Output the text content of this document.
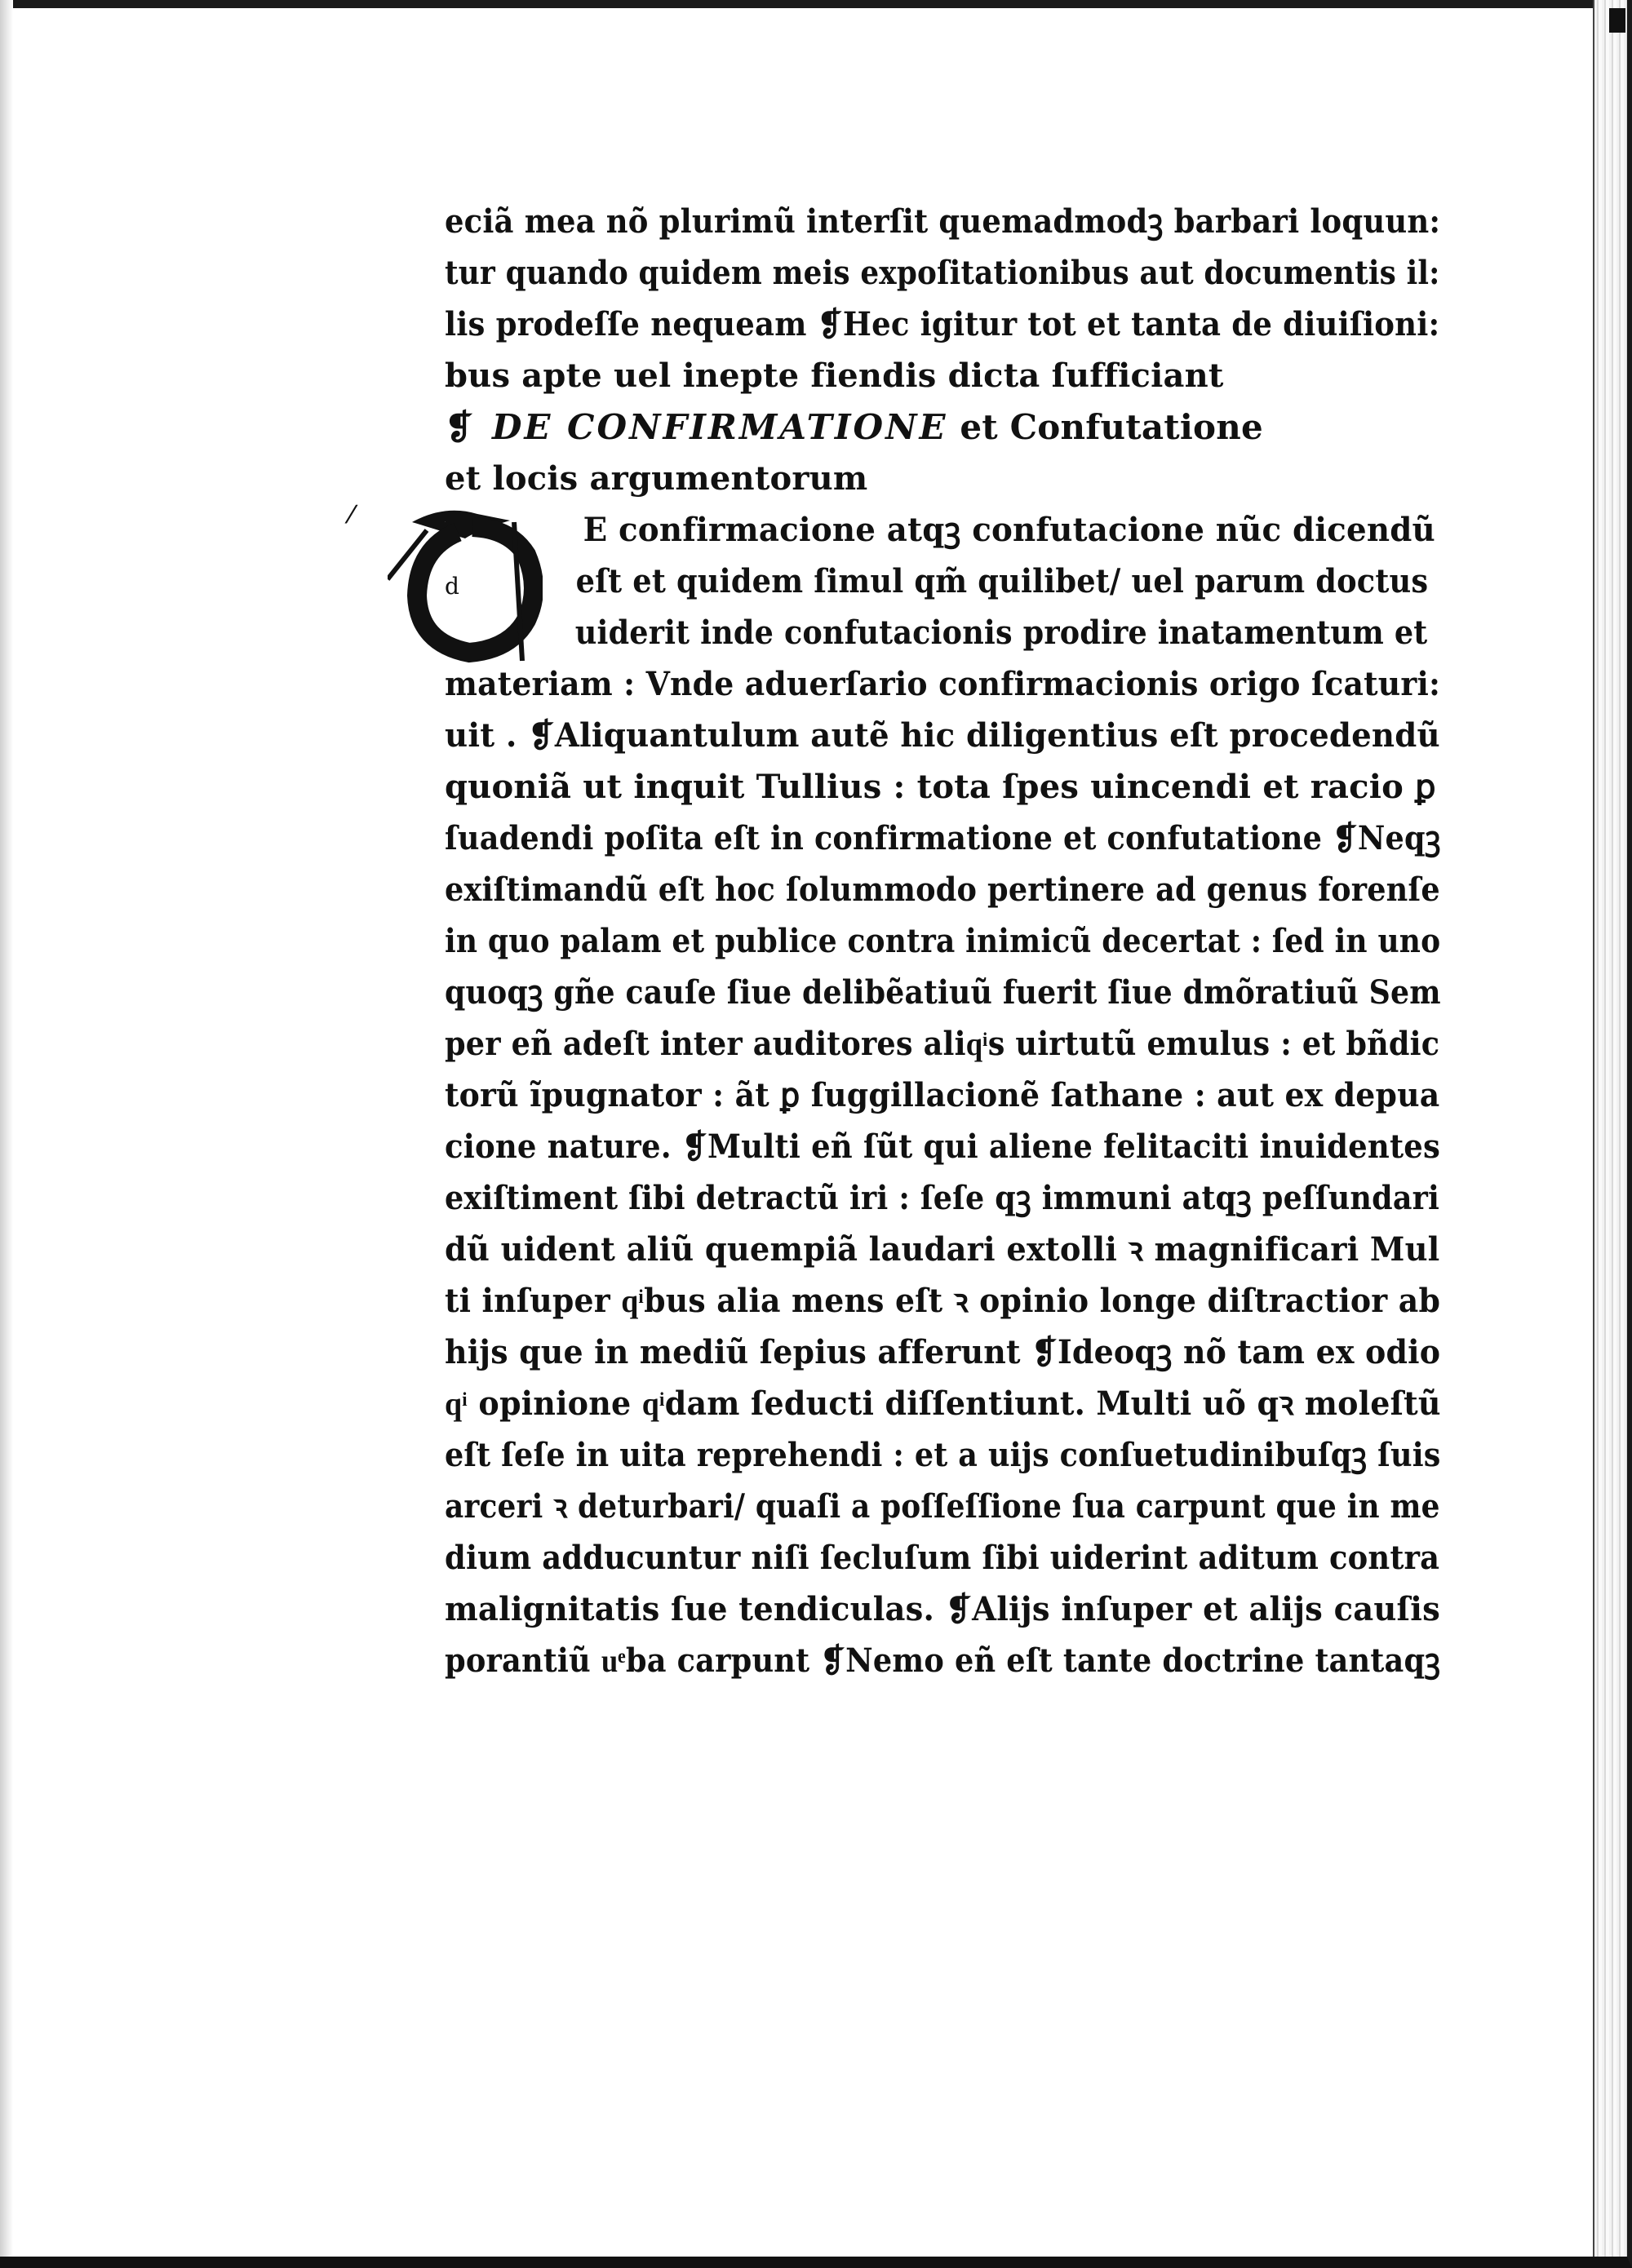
⁄
eciã mea nõ plurimũ interſit quemadmodꝫ barbari loquun:
tur quando quidem meis expoſitationibus aut documentis il:
lis prodeſſe nequeam ❡Hec igitur tot et tanta de diuiſioni:
bus apte uel inepte fiendis dicta ſufficiant
❡ DE CONFIRMATIONE et Confutatione
et locis argumentorum
d
D	E confirmacione atqꝫ confutacione nũc dicendũ
eſt et quidem ſimul qm̃ quilibet/ uel parum doctus
uiderit inde confutacionis prodire inatamentum et
materiam : Vnde aduerſario confirmacionis origo ſcaturi:
uit . ❡Aliquantulum autẽ hic diligentius eſt procedendũ
quoniã ut inquit Tullius : tota ſpes uincendi et racio ꝑ
ſuadendi poſita eſt in confirmatione et confutatione ❡Neqꝫ
exiſtimandũ eſt hoc ſolummodo pertinere ad genus forenſe
in quo palam et publice contra inimicũ decertat : ſed in uno
quoqꝫ gñe cauſe ſiue delibẽatiuũ fuerit ſiue dmõratiuũ Sem
per eñ adeſt inter auditores aliqͥs uirtutũ emulus : et bñdic
torũ ĩpugnator : ãt ꝑ ſuggillacionẽ ſathane : aut ex depua
cione nature. ❡Multi eñ ſũt qui aliene felitaciti inuidentes
exiſtiment ſibi detractũ iri : ſeſe qꝫ immuni atqꝫ peſſundari
dũ uident aliũ quempiã laudari extolli ꝛ magnificari Mul
ti inſuper qͥbus alia mens eſt ꝛ opinio longe diſtractior ab
hijs que in mediũ ſepius afferunt ❡Ideoqꝫ nõ tam ex odio
qͥ opinione qͥdam ſeducti diſſentiunt. Multi uõ qꝛ moleſtũ
eſt ſeſe in uita reprehendi : et a uijs conſuetudinibuſqꝫ ſuis
arceri ꝛ deturbari/ quaſi a poſſeſſione ſua carpunt que in me
dium adducuntur niſi ſecluſum ſibi uiderint aditum contra
malignitatis ſue tendiculas. ❡Alijs inſuper et alijs cauſis
porantiũ uͤba carpunt ❡Nemo eñ eſt tante doctrine tantaqꝫ
